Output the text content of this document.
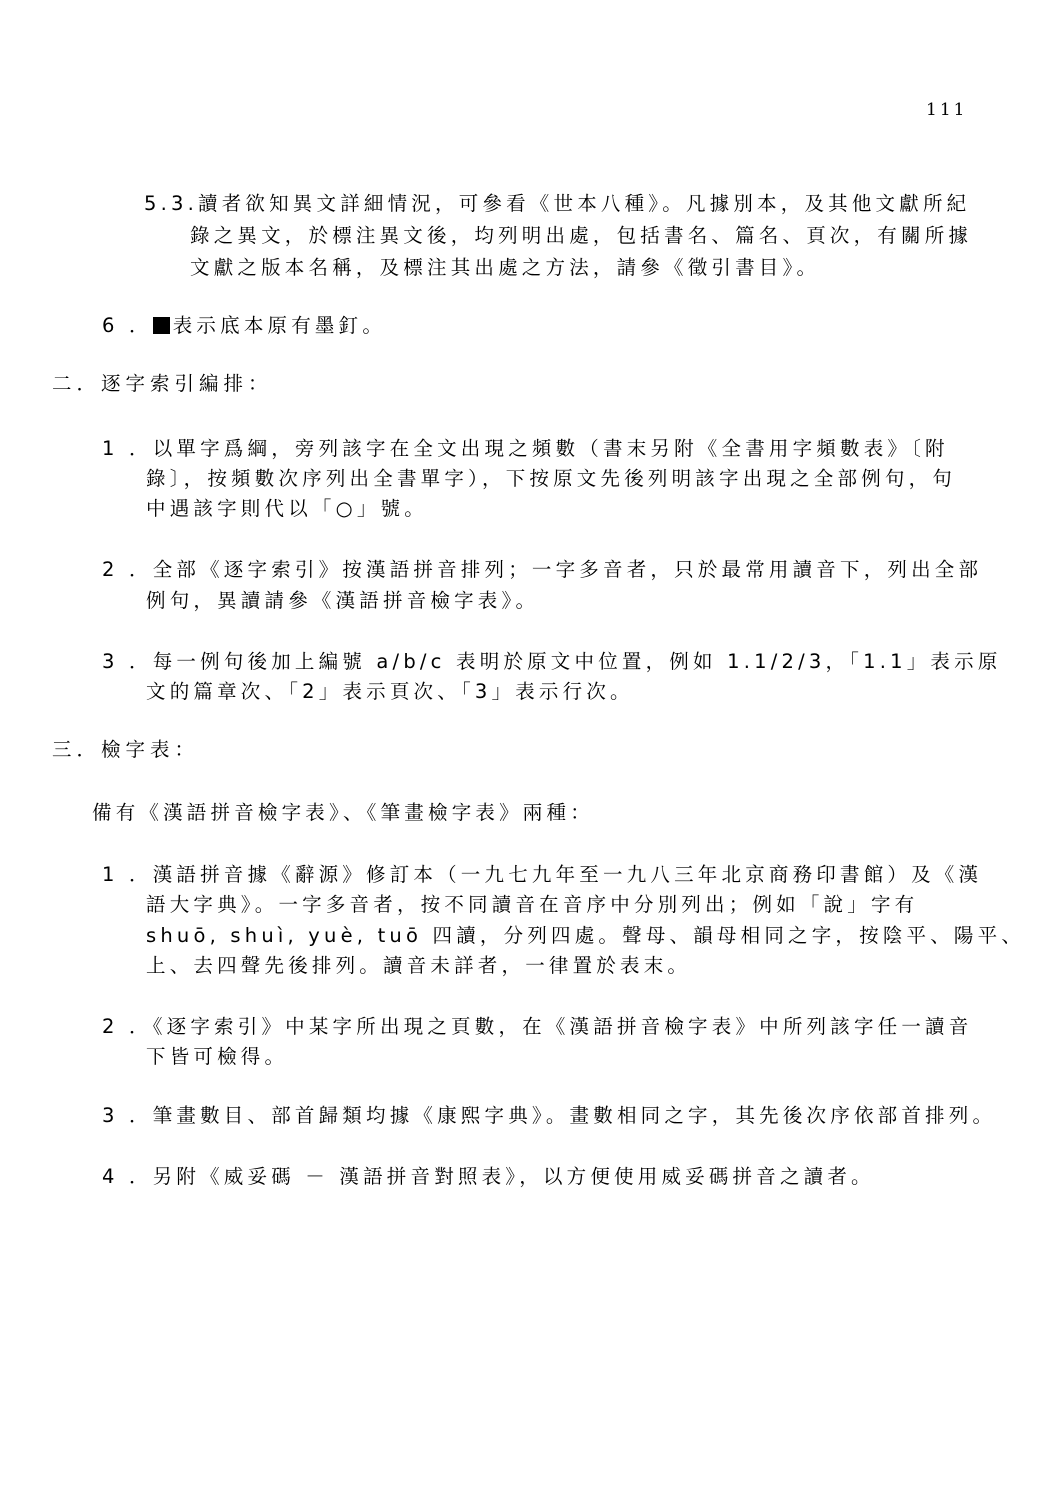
111
5.3.讀者欲知異文詳細情況，可參看《世本八種》。凡據別本，及其他文獻所紀
錄之異文，於標注異文後，均列明出處，包括書名、篇名、頁次，有關所據
文獻之版本名稱，及標注其出處之方法，請參《徵引書目》。
6 ． 表示底本原有墨釘。
二．逐字索引編排：
1 ．以單字爲綱，旁列該字在全文出現之頻數（書末另附《全書用字頻數表》〔附
錄〕，按頻數次序列出全書單字），下按原文先後列明該字出現之全部例句，句
中遇該字則代以「○」號。
2 ．全部《逐字索引》按漢語拼音排列；一字多音者，只於最常用讀音下，列出全部
例句，異讀請參《漢語拼音檢字表》。
3 ．每一例句後加上編號 a/b/c 表明於原文中位置，例如 1.1/2/3，「1.1」表示原
文的篇章次、「2」表示頁次、「3」表示行次。
三．檢字表：
備有《漢語拼音檢字表》、《筆畫檢字表》兩種：
1 ．漢語拼音據《辭源》修訂本（一九七九年至一九八三年北京商務印書館）及《漢
語大字典》。一字多音者，按不同讀音在音序中分別列出；例如「說」字有
shuō, shuì, yuè, tuō 四讀，分列四處。聲母、韻母相同之字，按陰平、陽平、
上、去四聲先後排列。讀音未詳者，一律置於表末。
2 ．《逐字索引》中某字所出現之頁數，在《漢語拼音檢字表》中所列該字任一讀音
下皆可檢得。
3 ．筆畫數目、部首歸類均據《康熙字典》。畫數相同之字，其先後次序依部首排列。
4 ．另附《威妥碼 － 漢語拼音對照表》，以方便使用威妥碼拼音之讀者。
